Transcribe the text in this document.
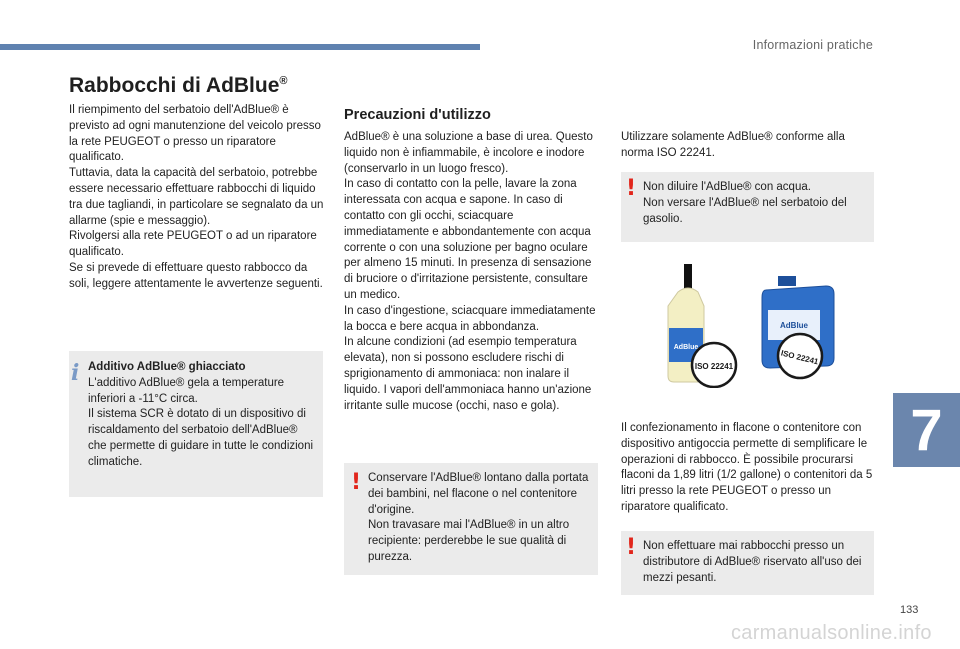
Informazioni pratiche
Rabbocchi di AdBlue®

Il riempimento del serbatoio dell'AdBlue® è previsto ad ogni manutenzione del veicolo presso la rete PEUGEOT o presso un riparatore qualificato.

Tuttavia, data la capacità del serbatoio, potrebbe essere necessario effettuare rabbocchi di liquido tra due tagliandi, in particolare se segnalato da un allarme (spie e messaggio).

Rivolgersi alla rete PEUGEOT o ad un riparatore qualificato.

Se si prevede di effettuare questo rabbocco da soli, leggere attentamente le avvertenze seguenti.

i Additivo AdBlue® ghiacciato

L'additivo AdBlue® gela a temperature inferiori a -11°C circa.

Il sistema SCR è dotato di un dispositivo di riscaldamento del serbatoio dell'AdBlue® che permette di guidare in tutte le condizioni climatiche.

Precauzioni d'utilizzo

AdBlue® è una soluzione a base di urea. Questo liquido non è infiammabile, è incolore e inodore (conservarlo in un luogo fresco).

In caso di contatto con la pelle, lavare la zona interessata con acqua e sapone. In caso di contatto con gli occhi, sciacquare immediatamente e abbondantemente con acqua corrente o con una soluzione per bagno oculare per almeno 15 minuti. In presenza di sensazione di bruciore o d'irritazione persistente, consultare un medico.

In caso d'ingestione, sciacquare immediatamente la bocca e bere acqua in abbondanza.

In alcune condizioni (ad esempio temperatura elevata), non si possono escludere rischi di sprigionamento di ammoniaca: non inalare il liquido. I vapori dell'ammoniaca hanno un'azione irritante sulle mucose (occhi, naso e gola).

! Conservare l'AdBlue® lontano dalla portata dei bambini, nel flacone o nel contenitore d'origine.

Non travasare mai l'AdBlue® in un altro recipiente: perderebbe le sue qualità di purezza.

Utilizzare solamente AdBlue® conforme alla norma ISO 22241.

! Non diluire l'AdBlue® con acqua.

Non versare l'AdBlue® nel serbatoio del gasolio.

AdBlue
AdBlue
ISO 22241
ISO 22241

Il confezionamento in flacone o contenitore con dispositivo antigoccia permette di semplificare le operazioni di rabbocco. È possibile procurarsi flaconi da 1,89 litri (1/2 gallone) o contenitori da 5 litri presso la rete PEUGEOT o presso un riparatore qualificato.

! Non effettuare mai rabbocchi presso un distributore di AdBlue® riservato all'uso dei mezzi pesanti.

7
133
carmanualsonline.info
